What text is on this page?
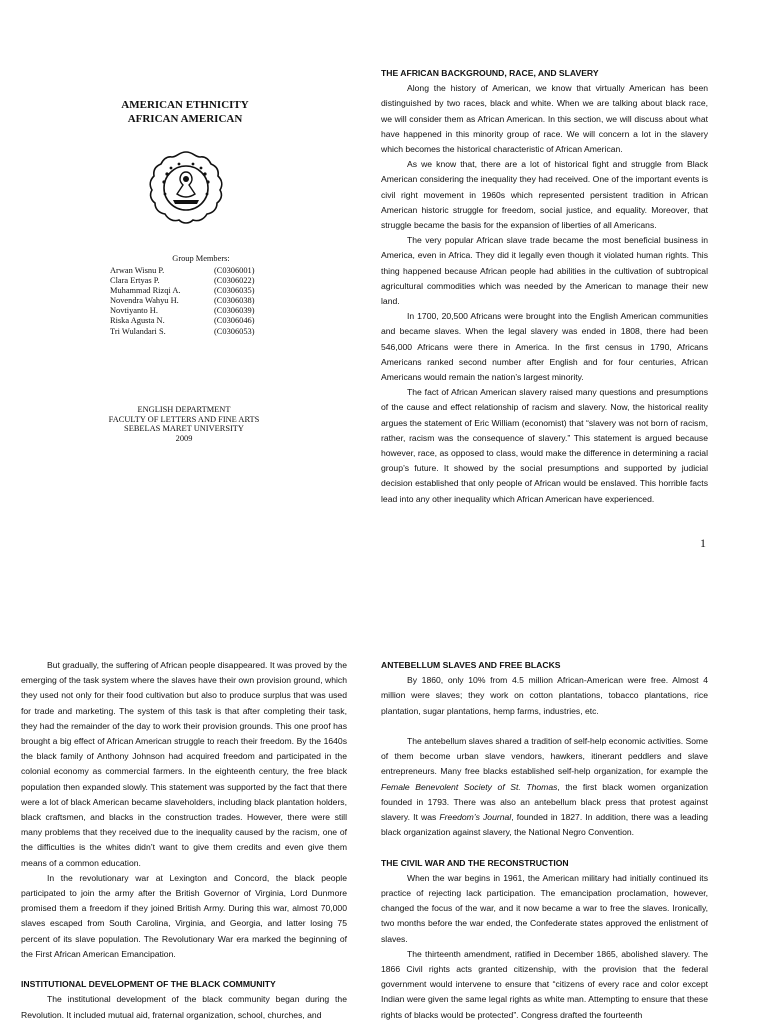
AMERICAN ETHNICITY
AFRICAN AMERICAN
Group Members:
Arwan Wisnu P.	(C0306001)
Clara Ertyas P.	(C0306022)
Muhammad Rizqi A.	(C0306035)
Novendra Wahyu H.	(C0306038)
Novtiyanto H.	(C0306039)
Riska Agusta N.	(C0306046)
Tri Wulandari S.	(C0306053)
ENGLISH DEPARTMENT
FACULTY OF LETTERS AND FINE ARTS
SEBELAS MARET UNIVERSITY
2009

THE AFRICAN BACKGROUND, RACE, AND SLAVERY

Along the history of American, we know that virtually American has been distinguished by two races, black and white. When we are talking about black race, we will consider them as African American. In this section, we will discuss about what have happened in this minority group of race. We will concern a lot in the slavery which becomes the historical characteristic of African American.

As we know that, there are a lot of historical fight and struggle from Black American considering the inequality they had received. One of the important events is civil right movement in 1960s which represented persistent tradition in African American historic struggle for freedom, social justice, and equality. Moreover, that struggle became the basis for the expansion of liberties of all Americans.

The very popular African slave trade became the most beneficial business in America, even in Africa. They did it legally even though it violated human rights. This thing happened because African people had abilities in the cultivation of subtropical agricultural commodities which was needed by the American to manage their new land.

In 1700, 20,500 Africans were brought into the English American communities and became slaves. When the legal slavery was ended in 1808, there had been 546,000 Africans were there in America. In the first census in 1790, Africans Americans ranked second number after English and for four centuries, African Americans would remain the nation’s largest minority.

The fact of African American slavery raised many questions and presumptions of the cause and effect relationship of racism and slavery. Now, the historical reality argues the statement of Eric William (economist) that “slavery was not born of racism, rather, racism was the consequence of slavery.” This statement is argued because however, race, as opposed to class, would make the difference in determining a racial group’s future. It showed by the social presumptions and supported by judicial decision established that only people of African would be enslaved. This horrible facts lead into any other inequality which African American have experienced.

1

But gradually, the suffering of African people disappeared. It was proved by the emerging of the task system where the slaves have their own provision ground, which they used not only for their food cultivation but also to produce surplus that was used for trade and marketing. The system of this task is that after completing their task, they had the remainder of the day to work their provision grounds. This one proof has brought a big effect of African American struggle to reach their freedom. By the 1640s the black family of Anthony Johnson had acquired freedom and participated in the colonial economy as commercial farmers. In the eighteenth century, the free black population then expanded slowly. This statement was supported by the fact that there were a lot of black American became slaveholders, including black plantation holders, black craftsmen, and blacks in the construction trades. However, there were still many problems that they received due to the inequality caused by the racism, one of the difficulties is the whites didn’t want to give them credits and even give them means of a common education.

In the revolutionary war at Lexington and Concord, the black people participated to join the army after the British Governor of Virginia, Lord Dunmore promised them a freedom if they joined British Army. During this war, almost 70,000 slaves escaped from South Carolina, Virginia, and Georgia, and latter losing 75 percent of its slave population. The Revolutionary War era marked the beginning of the First African American Emancipation.

INSTITUTIONAL DEVELOPMENT OF THE BLACK COMMUNITY

The institutional development of the black community began during the Revolution. It included mutual aid, fraternal organization, school, churches, and

ANTEBELLUM SLAVES AND FREE BLACKS

By 1860, only 10% from 4.5 million African-American were free. Almost 4 million were slaves; they work on cotton plantations, tobacco plantations, rice plantation, sugar plantations, hemp farms, industries, etc.

The antebellum slaves shared a tradition of self-help economic activities. Some of them become urban slave vendors, hawkers, itinerant peddlers and slave entrepreneurs. Many free blacks established self-help organization, for example the Female Benevolent Society of St. Thomas, the first black women organization founded in 1793. There was also an antebellum black press that protest against slavery. It was Freedom’s Journal, founded in 1827. In addition, there was a leading black organization against slavery, the National Negro Convention.

THE CIVIL WAR AND THE RECONSTRUCTION

When the war begins in 1961, the American military had initially continued its practice of rejecting lack participation. The emancipation proclamation, however, changed the focus of the war, and it now became a war to free the slaves. Ironically, two months before the war ended, the Confederate states approved the enlistment of slaves.

The thirteenth amendment, ratified in December 1865, abolished slavery. The 1866 Civil rights acts granted citizenship, with the provision that the federal government would intervene to ensure that “citizens of every race and color except Indian were given the same legal rights as white man. Attempting to ensure that these rights of blacks would be protected”. Congress drafted the fourteenth
